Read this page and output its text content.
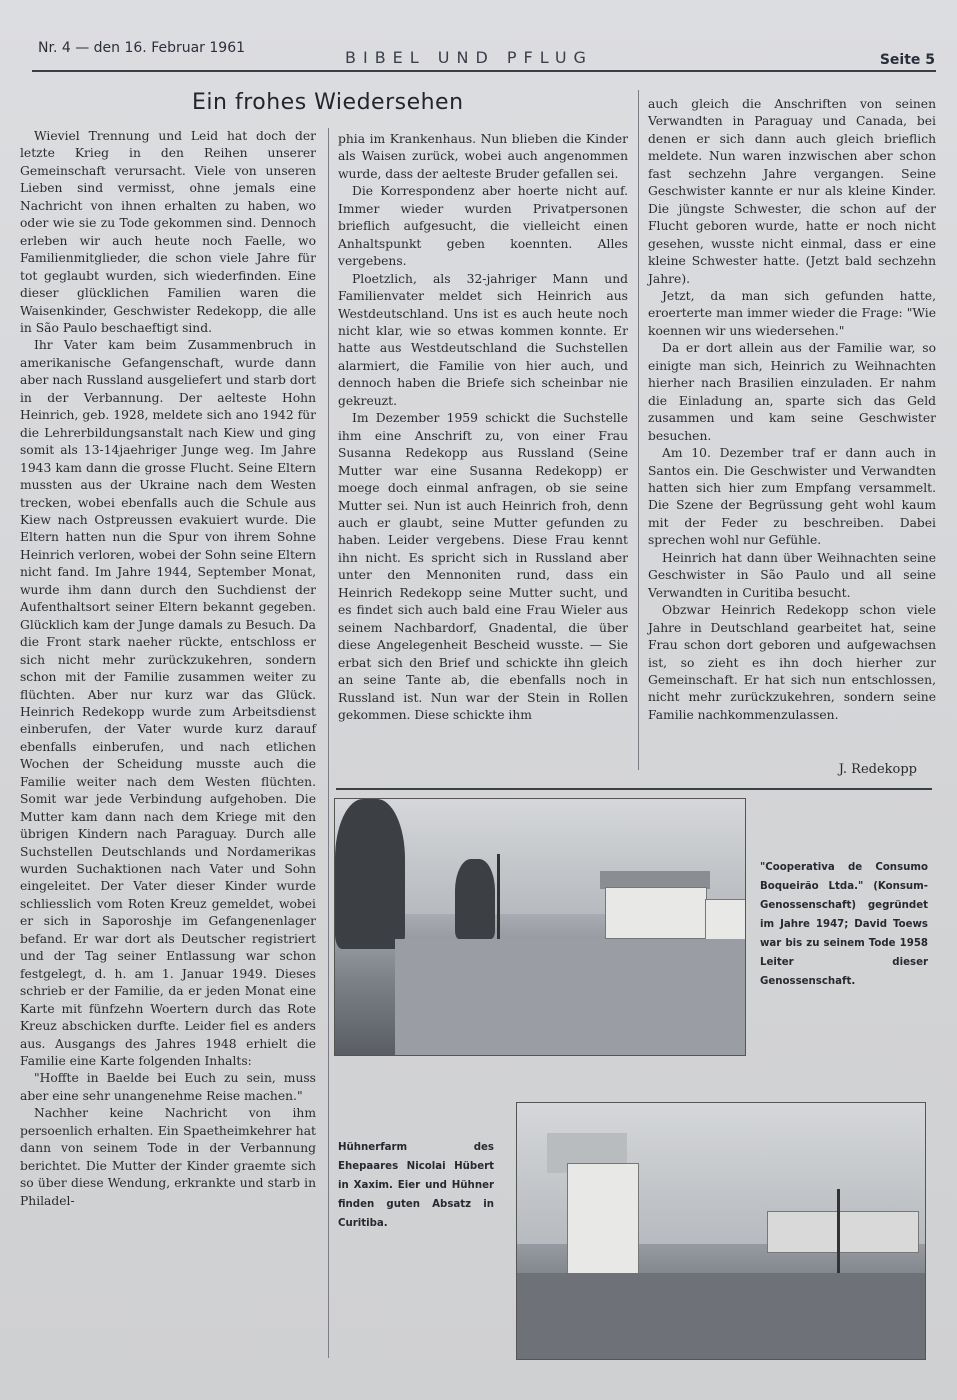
Nr. 4 — den 16. Februar 1961	BIBEL UND PFLUG	Seite 5
Ein frohes Wiedersehen

Wieviel Trennung und Leid hat doch der letzte Krieg in den Reihen unserer Gemeinschaft verursacht. Viele von unseren Lieben sind vermisst, ohne jemals eine Nachricht von ihnen erhalten zu haben, wo oder wie sie zu Tode gekommen sind. Dennoch erleben wir auch heute noch Faelle, wo Familienmitglieder, die schon viele Jahre für tot geglaubt wurden, sich wiederfinden. Eine dieser glücklichen Familien waren die Waisenkinder, Geschwister Redekopp, die alle in São Paulo beschaeftigt sind.

Ihr Vater kam beim Zusammenbruch in amerikanische Gefangenschaft, wurde dann aber nach Russland ausgeliefert und starb dort in der Verbannung. Der aelteste Hohn Heinrich, geb. 1928, meldete sich ano 1942 für die Lehrerbildungsanstalt nach Kiew und ging somit als 13-14jaehriger Junge weg. Im Jahre 1943 kam dann die grosse Flucht. Seine Eltern mussten aus der Ukraine nach dem Westen trecken, wobei ebenfalls auch die Schule aus Kiew nach Ostpreussen evakuiert wurde. Die Eltern hatten nun die Spur von ihrem Sohne Heinrich verloren, wobei der Sohn seine Eltern nicht fand. Im Jahre 1944, September Monat, wurde ihm dann durch den Suchdienst der Aufenthaltsort seiner Eltern bekannt gegeben. Glücklich kam der Junge damals zu Besuch. Da die Front stark naeher rückte, entschloss er sich nicht mehr zurückzukehren, sondern schon mit der Familie zusammen weiter zu flüchten. Aber nur kurz war das Glück. Heinrich Redekopp wurde zum Arbeitsdienst einberufen, der Vater wurde kurz darauf ebenfalls einberufen, und nach etlichen Wochen der Scheidung musste auch die Familie weiter nach dem Westen flüchten. Somit war jede Verbindung aufgehoben. Die Mutter kam dann nach dem Kriege mit den übrigen Kindern nach Paraguay. Durch alle Suchstellen Deutschlands und Nordamerikas wurden Suchaktionen nach Vater und Sohn eingeleitet. Der Vater dieser Kinder wurde schliesslich vom Roten Kreuz gemeldet, wobei er sich in Saporoshje im Gefangenenlager befand. Er war dort als Deutscher registriert und der Tag seiner Entlassung war schon festgelegt, d. h. am 1. Januar 1949. Dieses schrieb er der Familie, da er jeden Monat eine Karte mit fünfzehn Woertern durch das Rote Kreuz abschicken durfte. Leider fiel es anders aus. Ausgangs des Jahres 1948 erhielt die Familie eine Karte folgenden Inhalts:

"Hoffte in Baelde bei Euch zu sein, muss aber eine sehr unangenehme Reise machen."

Nachher keine Nachricht von ihm persoenlich erhalten. Ein Spaetheimkehrer hat dann von seinem Tode in der Verbannung berichtet. Die Mutter der Kinder graemte sich so über diese Wendung, erkrankte und starb in Philadel-

phia im Krankenhaus. Nun blieben die Kinder als Waisen zurück, wobei auch angenommen wurde, dass der aelteste Bruder gefallen sei.

Die Korrespondenz aber hoerte nicht auf. Immer wieder wurden Privatpersonen brieflich aufgesucht, die vielleicht einen Anhaltspunkt geben koennten. Alles vergebens.

Ploetzlich, als 32-jahriger Mann und Familienvater meldet sich Heinrich aus Westdeutschland. Uns ist es auch heute noch nicht klar, wie so etwas kommen konnte. Er hatte aus Westdeutschland die Suchstellen alarmiert, die Familie von hier auch, und dennoch haben die Briefe sich scheinbar nie gekreuzt.

Im Dezember 1959 schickt die Suchstelle ihm eine Anschrift zu, von einer Frau Susanna Redekopp aus Russland (Seine Mutter war eine Susanna Redekopp) er moege doch einmal anfragen, ob sie seine Mutter sei. Nun ist auch Heinrich froh, denn auch er glaubt, seine Mutter gefunden zu haben. Leider vergebens. Diese Frau kennt ihn nicht. Es spricht sich in Russland aber unter den Mennoniten rund, dass ein Heinrich Redekopp seine Mutter sucht, und es findet sich auch bald eine Frau Wieler aus seinem Nachbardorf, Gnadental, die über diese Angelegenheit Bescheid wusste. — Sie erbat sich den Brief und schickte ihn gleich an seine Tante ab, die ebenfalls noch in Russland ist. Nun war der Stein in Rollen gekommen. Diese schickte ihm

auch gleich die Anschriften von seinen Verwandten in Paraguay und Canada, bei denen er sich dann auch gleich brieflich meldete. Nun waren inzwischen aber schon fast sechzehn Jahre vergangen. Seine Geschwister kannte er nur als kleine Kinder. Die jüngste Schwester, die schon auf der Flucht geboren wurde, hatte er noch nicht gesehen, wusste nicht einmal, dass er eine kleine Schwester hatte. (Jetzt bald sechzehn Jahre).

Jetzt, da man sich gefunden hatte, eroerterte man immer wieder die Frage: "Wie koennen wir uns wiedersehen."

Da er dort allein aus der Familie war, so einigte man sich, Heinrich zu Weihnachten hierher nach Brasilien einzuladen. Er nahm die Einladung an, sparte sich das Geld zusammen und kam seine Geschwister besuchen.

Am 10. Dezember traf er dann auch in Santos ein. Die Geschwister und Verwandten hatten sich hier zum Empfang versammelt. Die Szene der Begrüssung geht wohl kaum mit der Feder zu beschreiben. Dabei sprechen wohl nur Gefühle.

Heinrich hat dann über Weihnachten seine Geschwister in São Paulo und all seine Verwandten in Curitiba besucht.

Obzwar Heinrich Redekopp schon viele Jahre in Deutschland gearbeitet hat, seine Frau schon dort geboren und aufgewachsen ist, so zieht es ihn doch hierher zur Gemeinschaft. Er hat sich nun entschlossen, nicht mehr zurückzukehren, sondern seine Familie nachkommenzulassen.

J. Redekopp
"Cooperativa de Consumo Boqueirão Ltda." (Konsum-Genossenschaft) gegründet im Jahre 1947; David Toews war bis zu seinem Tode 1958 Leiter dieser Genossenschaft.
Hühnerfarm des Ehepaares Nicolai Hübert in Xaxim. Eier und Hühner finden guten Absatz in Curitiba.
